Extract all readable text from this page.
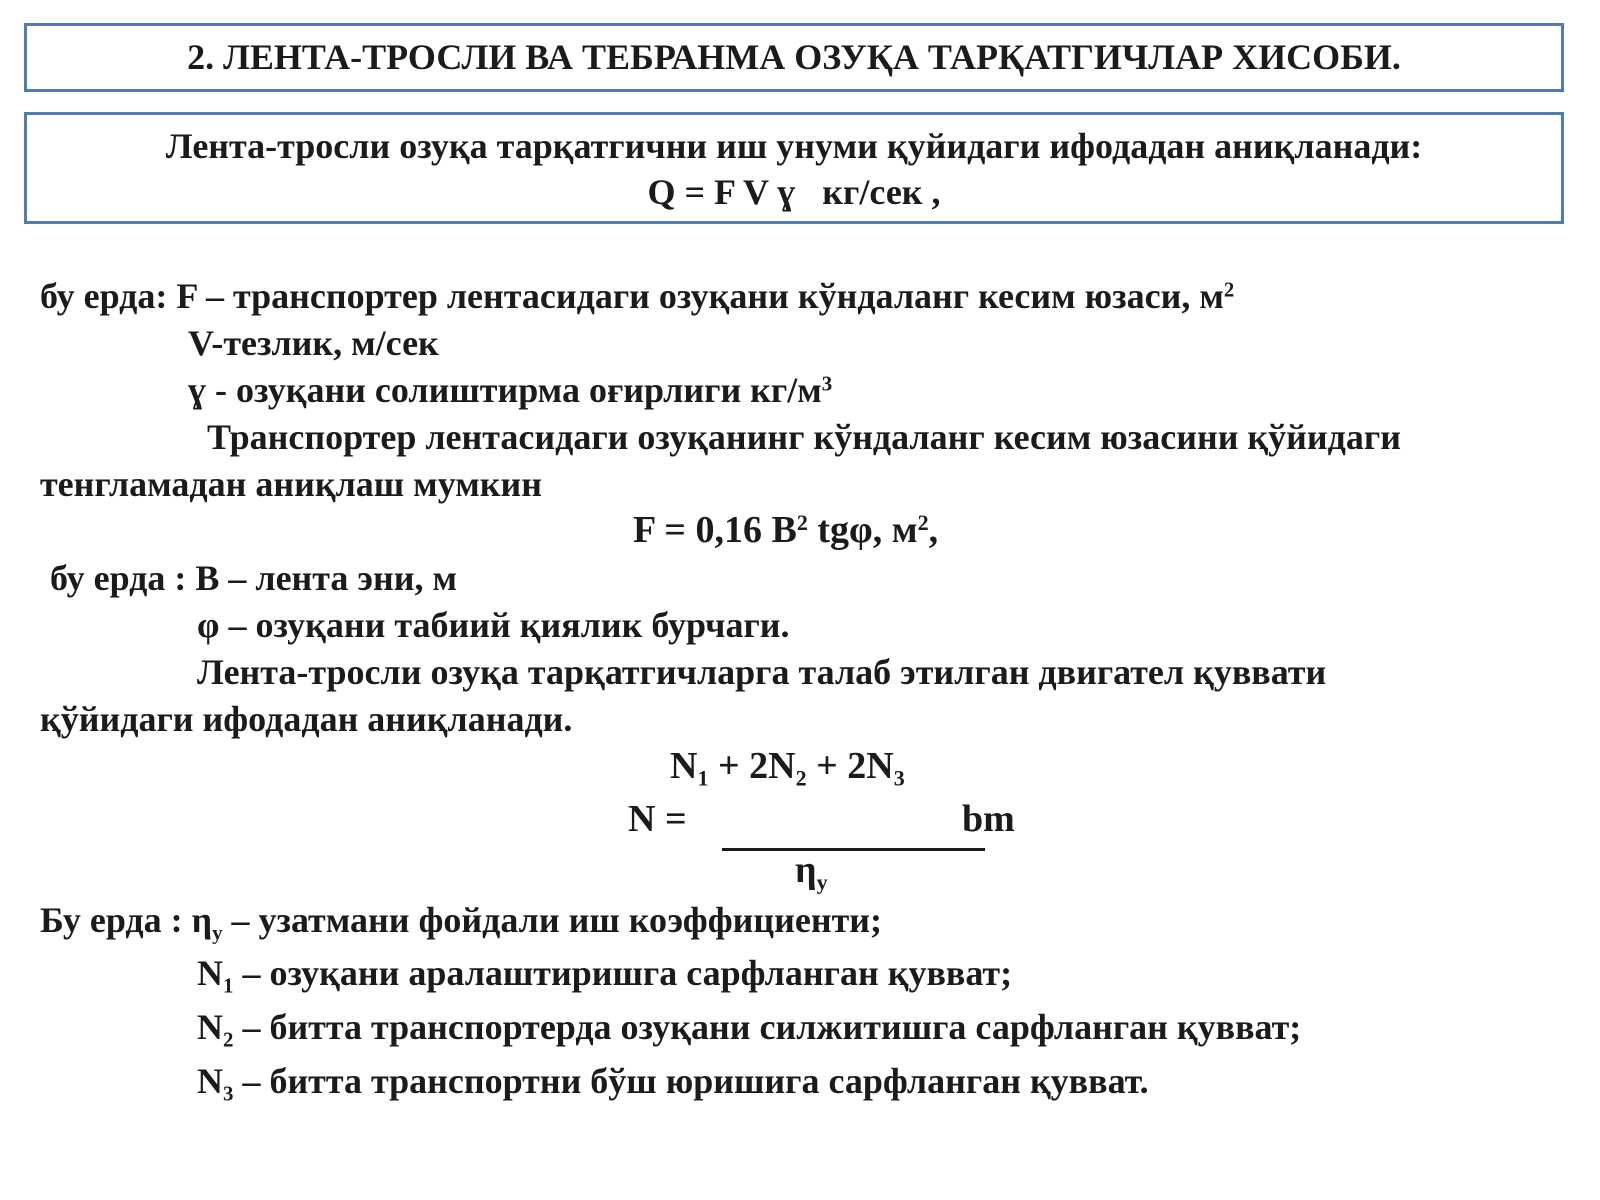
2. ЛЕНТА-ТРОСЛИ ВА ТЕБРАНМА ОЗУҚА ТАРҚАТГИЧЛАР ХИСОБИ.
Лента-тросли озуқа тарқатгични иш унуми қуйидаги ифодадан аниқланади:
Q = F V ɣ   кг/сек ,
бу ерда: F – транспортер лентасидаги озуқани кўндаланг кесим юзаси, $м^2$
V-тезлик, м/сек
ɣ - озуқани солиштирма оғирлиги $кг/м^3$
Транспортер лентасидаги озуқанинг кўндаланг кесим юзасини қўйидаги
тенгламадан аниқлаш мумкин
F = 0,16 $B^2$ tgφ, $м^2$,
бу ерда : B – лента эни, м
φ – озуқани табиий қиялик бурчаги.
Лента-тросли озуқа тарқатгичларга талаб этилган двигател қуввати
қўйидаги ифодадан аниқланади.
$N_1 + 2N_2 + 2N_3$
N =	bm
$\eta_у$
Бу ерда : $\eta_у$ – узатмани фойдали иш коэффициенти;
$N_1$ – озуқани аралаштиришга сарфланган қувват;
$N_2$ – битта транспортерда озуқани силжитишга сарфланган қувват;
$N_3$ – битта транспортни бўш юришига сарфланган қувват.
